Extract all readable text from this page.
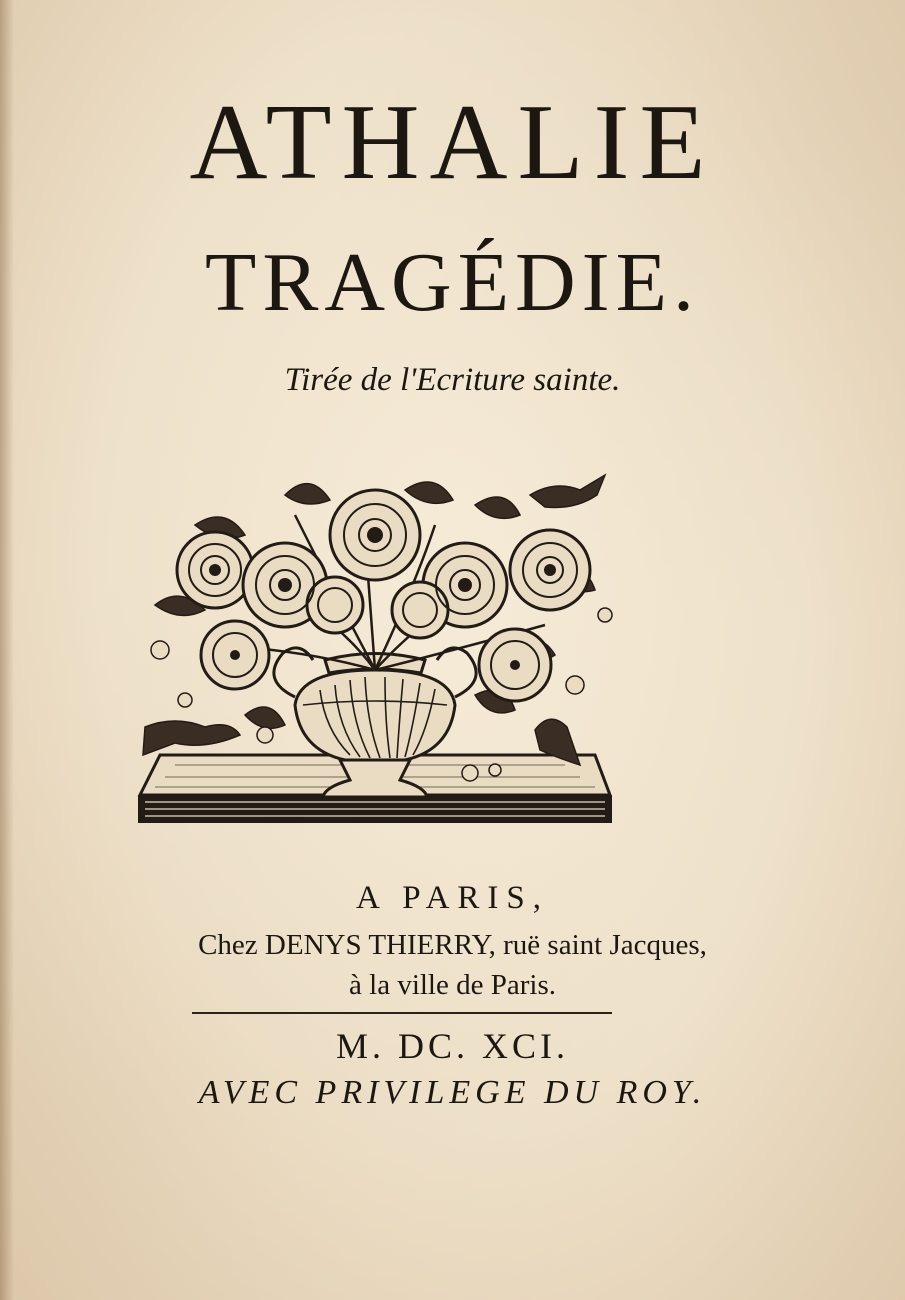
ATHALIE
TRAGÉDIE.
Tirée de l'Ecriture sainte.
A PARIS,
Chez DENYS THIERRY, ruë saint Jacques,
à la ville de Paris.
M. DC. XCI.
AVEC PRIVILEGE DU ROY.
